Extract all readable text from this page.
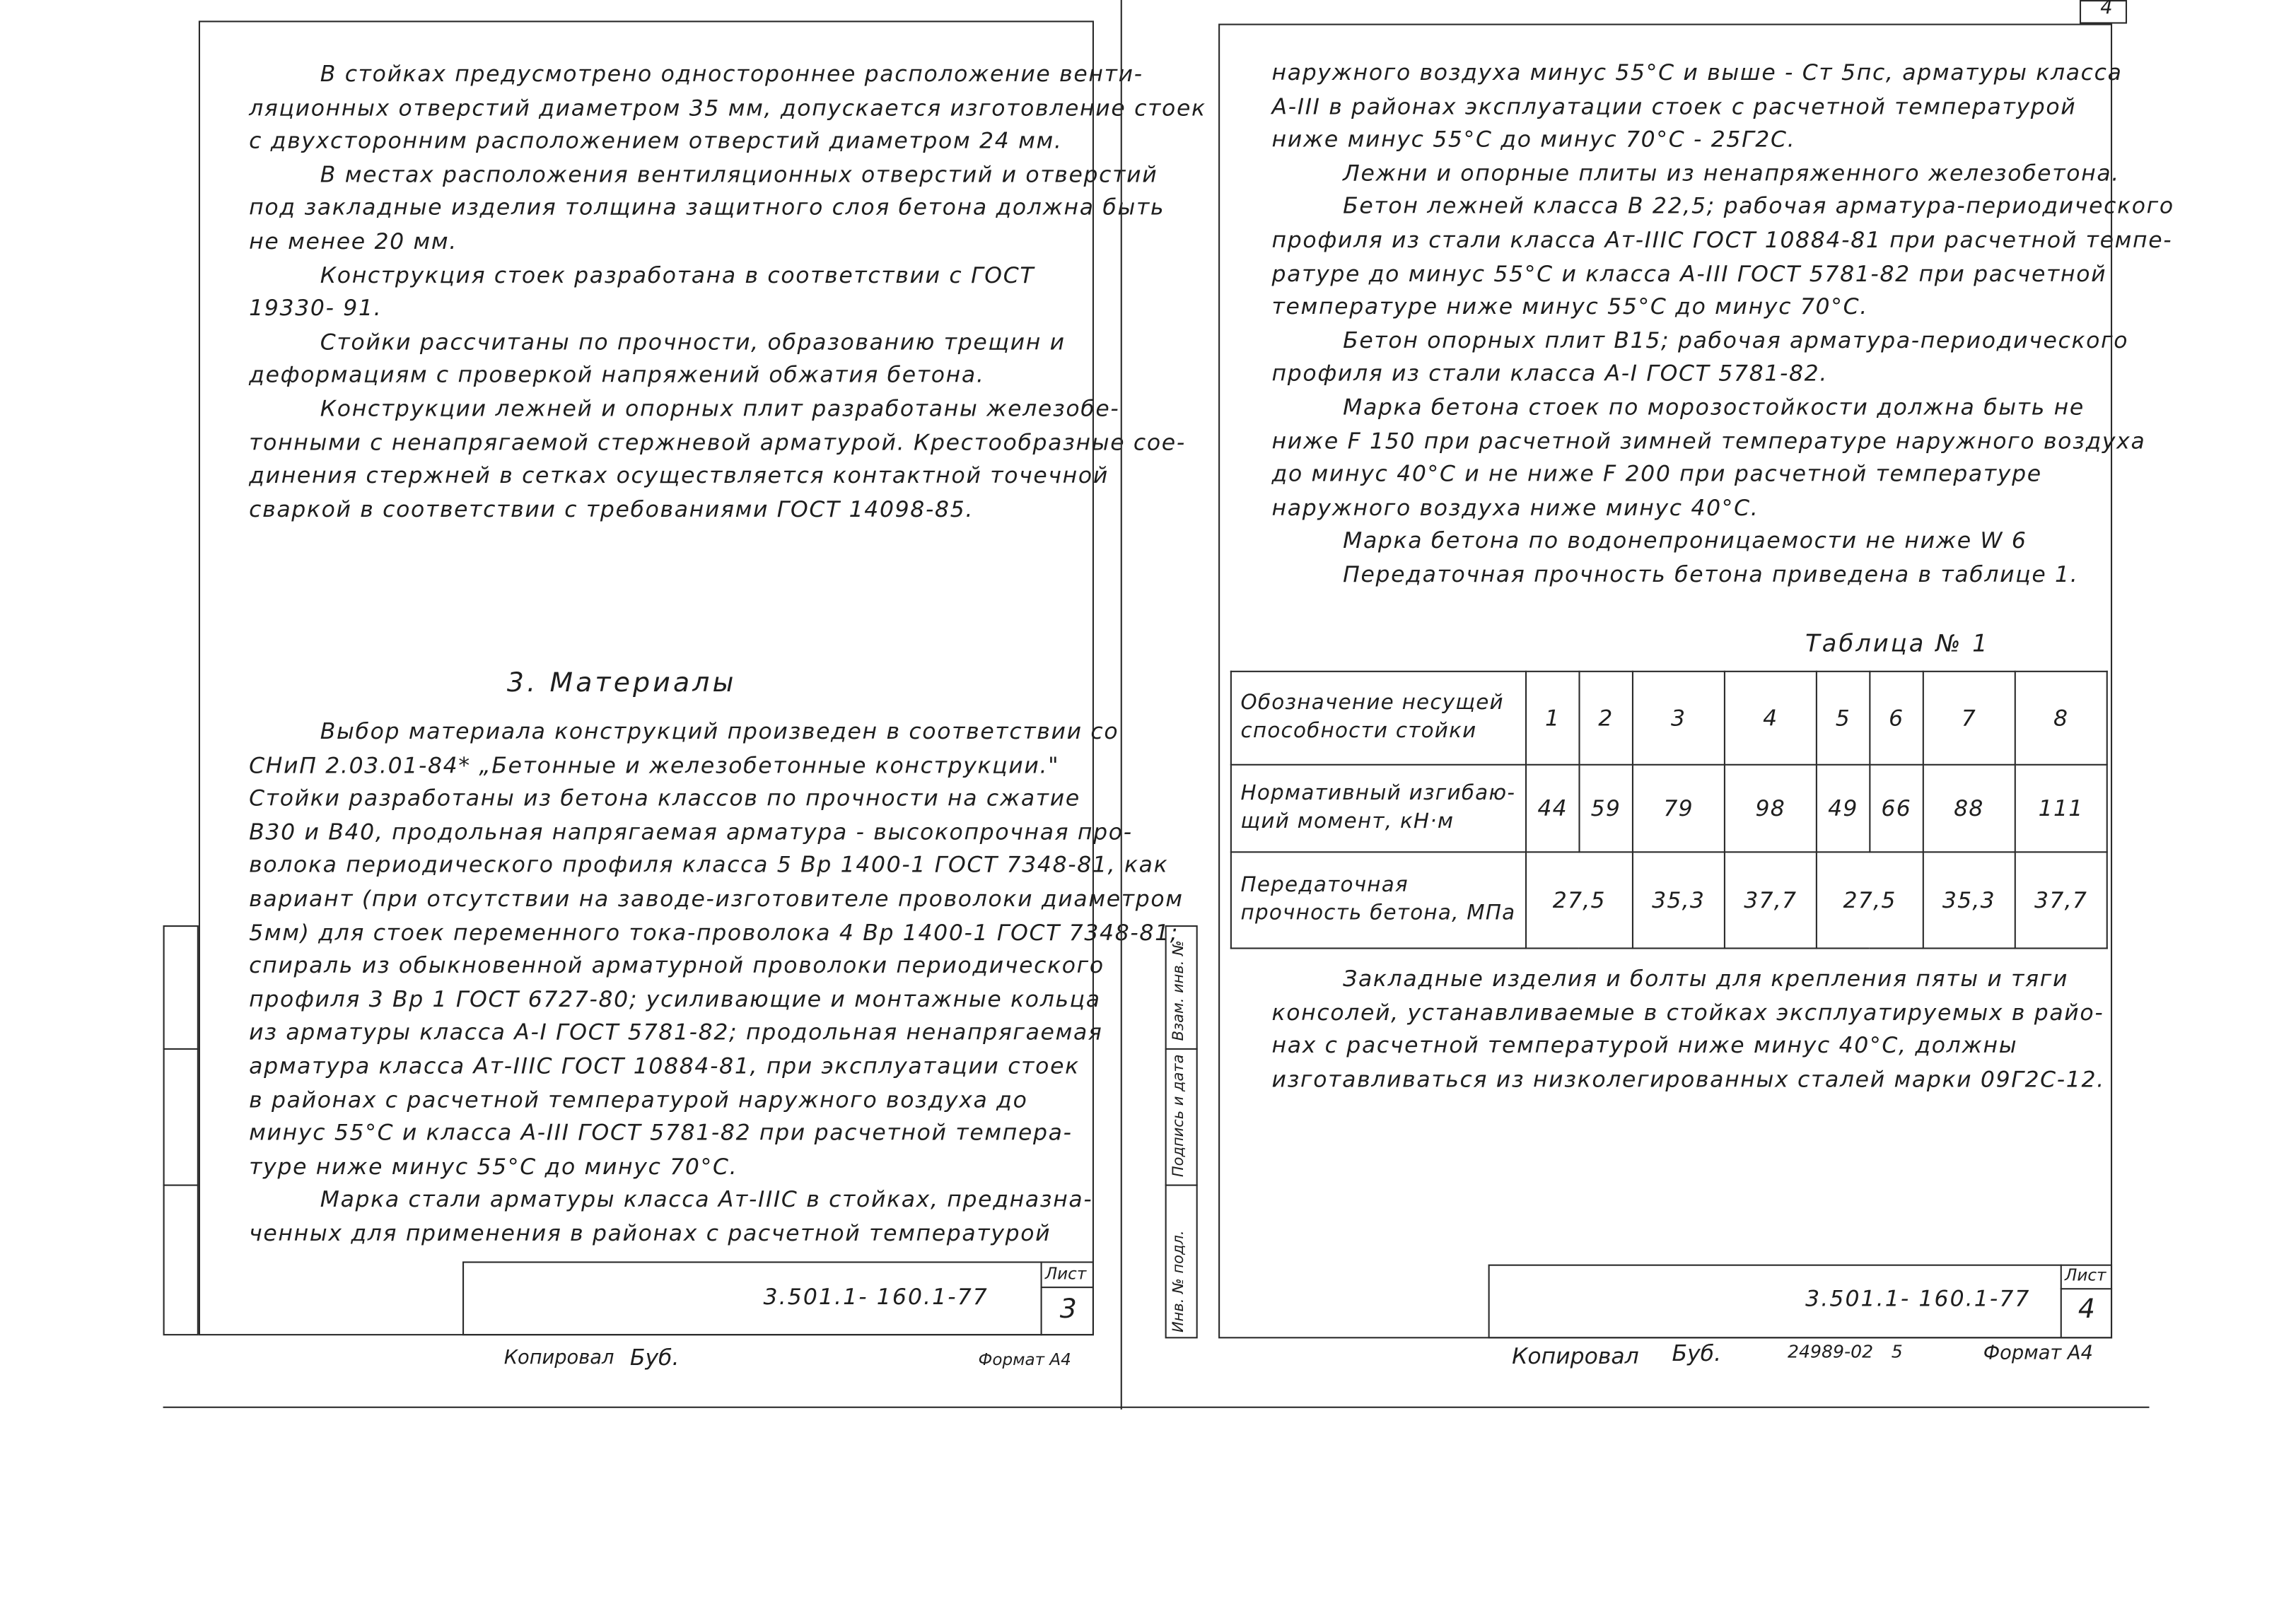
В стойках предусмотрено одностороннее расположение венти-
ляционных отверстий диаметром 35 мм, допускается изготовление стоек
с двухсторонним расположением отверстий диаметром 24 мм.
В местах расположения вентиляционных отверстий и отверстий
под закладные изделия толщина защитного слоя бетона должна быть
не менее 20 мм.
Конструкция стоек разработана в соответствии с ГОСТ
19330- 91.
Стойки рассчитаны по прочности, образованию трещин и
деформациям с проверкой напряжений обжатия бетона.
Конструкции лежней и опорных плит разработаны железобе-
тонными с ненапрягаемой стержневой арматурой. Крестообразные сое-
динения стержней в сетках осуществляется контактной точечной
сваркой в соответствии с требованиями ГОСТ 14098-85.
3. Материалы
Выбор материала конструкций произведен в соответствии со
СНиП 2.03.01-84* „Бетонные и железобетонные конструкции."
Стойки разработаны из бетона классов по прочности на сжатие
В30 и В40, продольная напрягаемая арматура - высокопрочная про-
волока периодического профиля класса 5 Вр 1400-1 ГОСТ 7348-81, как
вариант (при отсутствии на заводе-изготовителе проволоки диаметром
5мм) для стоек переменного тока-проволока 4 Вр 1400-1 ГОСТ 7348-81;
спираль из обыкновенной арматурной проволоки периодического
профиля 3 Вр 1 ГОСТ 6727-80; усиливающие и монтажные кольца
из арматуры класса А-I ГОСТ 5781-82; продольная ненапрягаемая
арматура класса Ат-IIIС ГОСТ 10884-81, при эксплуатации стоек
в районах с расчетной температурой наружного воздуха до
минус 55°С и класса А-III ГОСТ 5781-82 при расчетной темпера-
туре ниже минус 55°С до минус 70°С.
Марка стали арматуры класса Ат-IIIС в стойках, предназна-
ченных для применения в районах с расчетной температурой
3.501.1- 160.1-77
Лист
3
Копировал Буб.	Формат А4
4
Взам. инв. №
Подпись и дата
Инв. № подл.
наружного воздуха минус 55°С и выше - Ст 5пс, арматуры класса
А-III в районах эксплуатации стоек с расчетной температурой
ниже минус 55°С до минус 70°С - 25Г2С.
Лежни и опорные плиты из ненапряженного железобетона.
Бетон лежней класса В 22,5; рабочая арматура-периодического
профиля из стали класса Ат-IIIС ГОСТ 10884-81 при расчетной темпе-
ратуре до минус 55°С и класса А-III ГОСТ 5781-82 при расчетной
температуре ниже минус 55°С до минус 70°С.
Бетон опорных плит В15; рабочая арматура-периодического
профиля из стали класса А-I ГОСТ 5781-82.
Марка бетона стоек по морозостойкости должна быть не
ниже F 150 при расчетной зимней температуре наружного воздуха
до минус 40°С и не ниже F 200 при расчетной температуре
наружного воздуха ниже минус 40°С.
Марка бетона по водонепроницаемости не ниже W 6
Передаточная прочность бетона приведена в таблице 1.
Таблица № 1
Обозначение несущей способности стойки	1	2	3	4	5	6	7	8
Нормативный изгибаю- щий момент, кН·м	44	59	79	98	49	66	88	111
Передаточная прочность бетона, МПа	27,5		35,3	37,7	27,5		35,3	37,7
Закладные изделия и болты для крепления пяты и тяги
консолей, устанавливаемые в стойках эксплуатируемых в райо-
нах с расчетной температурой ниже минус 40°С, должны
изготавливаться из низколегированных сталей марки 09Г2С-12.
3.501.1- 160.1-77
Лист
4
Копировал	Буб.	24989-02 5	Формат А4
